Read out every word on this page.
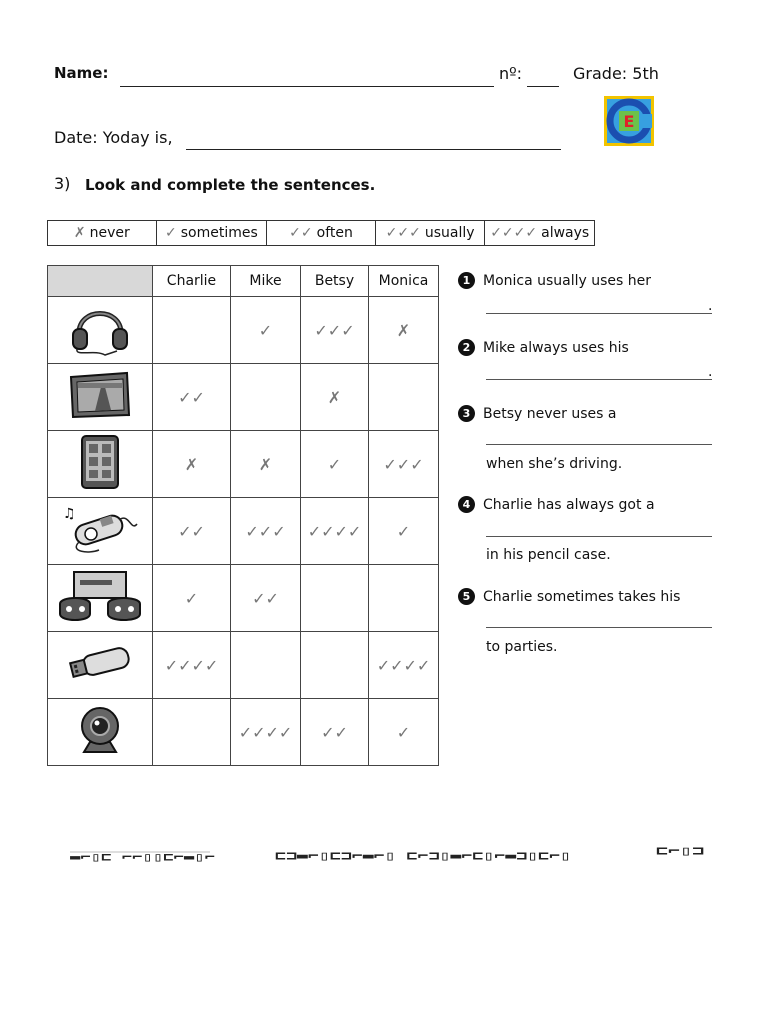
Name:	nº:	Grade: 5th
Date: Yoday is,
E
3) Look and complete the sentences.
✗ never	✓ sometimes ✓✓ often ✓✓✓ usually ✓✓✓✓ always
	Charlie	Mike	Betsy	Monica
		✓	✓✓✓	✗
	✓✓		✗	
	✗	✗	✓	✓✓✓

♫	✓✓	✓✓✓	✓✓✓✓	✓
	✓	✓✓		
	✓✓✓✓			✓✓✓✓
		✓✓✓✓	✓✓	✓
1 Monica usually uses her
.
2 Mike always uses his
.
3 Betsy never uses a
when she’s driving.
4 Charlie has always got a
in his pencil case.
5 Charlie sometimes takes his
to parties.
▬⌐▯⊏ ⌐⌐▯▯⊏⌐▬▯⌐	⊏⊐▬⌐▯⊏⊐⌐▬⌐▯ ⊏⌐⊐▯▬⌐⊏▯⌐▬⊐▯⊏⌐▯	⊏⌐▯⊐
